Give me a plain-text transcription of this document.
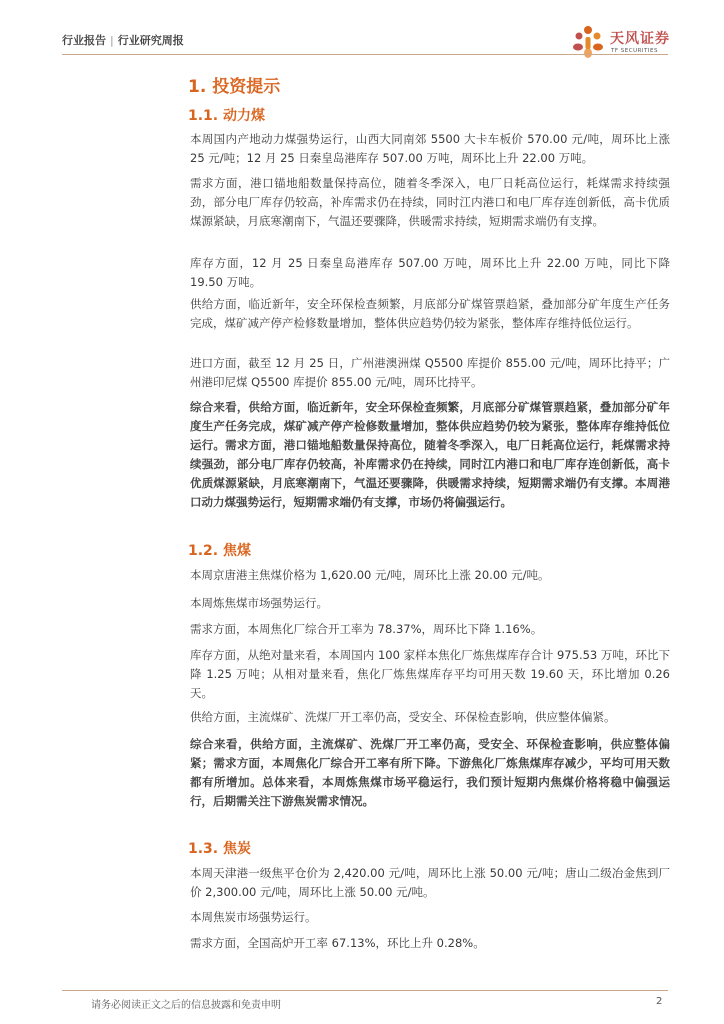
行业报告 | 行业研究周报	天风证券
TF SECURITIES
1. 投资提示
1.1. 动力煤

本周国内产地动力煤强势运行，山西大同南郊 5500 大卡车板价 570.00 元/吨，周环比上涨 25 元/吨；12 月 25 日秦皇岛港库存 507.00 万吨，周环比上升 22.00 万吨。

需求方面，港口锚地船数量保持高位，随着冬季深入，电厂日耗高位运行，耗煤需求持续强劲，部分电厂库存仍较高，补库需求仍在持续，同时江内港口和电厂库存连创新低，高卡优质煤源紧缺，月底寒潮南下，气温还要骤降，供暖需求持续，短期需求端仍有支撑。

库存方面，12 月 25 日秦皇岛港库存 507.00 万吨，周环比上升 22.00 万吨，同比下降 19.50 万吨。

供给方面，临近新年，安全环保检查频繁，月底部分矿煤管票趋紧，叠加部分矿年度生产任务完成，煤矿减产停产检修数量增加，整体供应趋势仍较为紧张，整体库存维持低位运行。

进口方面，截至 12 月 25 日，广州港澳洲煤 Q5500 库提价 855.00 元/吨，周环比持平；广州港印尼煤 Q5500 库提价 855.00 元/吨，周环比持平。

综合来看，供给方面，临近新年，安全环保检查频繁，月底部分矿煤管票趋紧，叠加部分矿年度生产任务完成，煤矿减产停产检修数量增加，整体供应趋势仍较为紧张，整体库存维持低位运行。需求方面，港口锚地船数量保持高位，随着冬季深入，电厂日耗高位运行，耗煤需求持续强劲，部分电厂库存仍较高，补库需求仍在持续，同时江内港口和电厂库存连创新低，高卡优质煤源紧缺，月底寒潮南下，气温还要骤降，供暖需求持续，短期需求端仍有支撑。本周港口动力煤强势运行，短期需求端仍有支撑，市场仍将偏强运行。

1.2. 焦煤

本周京唐港主焦煤价格为 1,620.00 元/吨，周环比上涨 20.00 元/吨。

本周炼焦煤市场强势运行。

需求方面，本周焦化厂综合开工率为 78.37%，周环比下降 1.16%。

库存方面，从绝对量来看，本周国内 100 家样本焦化厂炼焦煤库存合计 975.53 万吨，环比下降 1.25 万吨；从相对量来看，焦化厂炼焦煤库存平均可用天数 19.60 天，环比增加 0.26 天。

供给方面，主流煤矿、洗煤厂开工率仍高，受安全、环保检查影响，供应整体偏紧。

综合来看，供给方面，主流煤矿、洗煤厂开工率仍高，受安全、环保检查影响，供应整体偏紧；需求方面，本周焦化厂综合开工率有所下降。下游焦化厂炼焦煤库存减少，平均可用天数都有所增加。总体来看，本周炼焦煤市场平稳运行，我们预计短期内焦煤价格将稳中偏强运行，后期需关注下游焦炭需求情况。

1.3. 焦炭

本周天津港一级焦平仓价为 2,420.00 元/吨，周环比上涨 50.00 元/吨；唐山二级冶金焦到厂价 2,300.00 元/吨，周环比上涨 50.00 元/吨。

本周焦炭市场强势运行。

需求方面，全国高炉开工率 67.13%，环比上升 0.28%。

请务必阅读正文之后的信息披露和免责申明	2
